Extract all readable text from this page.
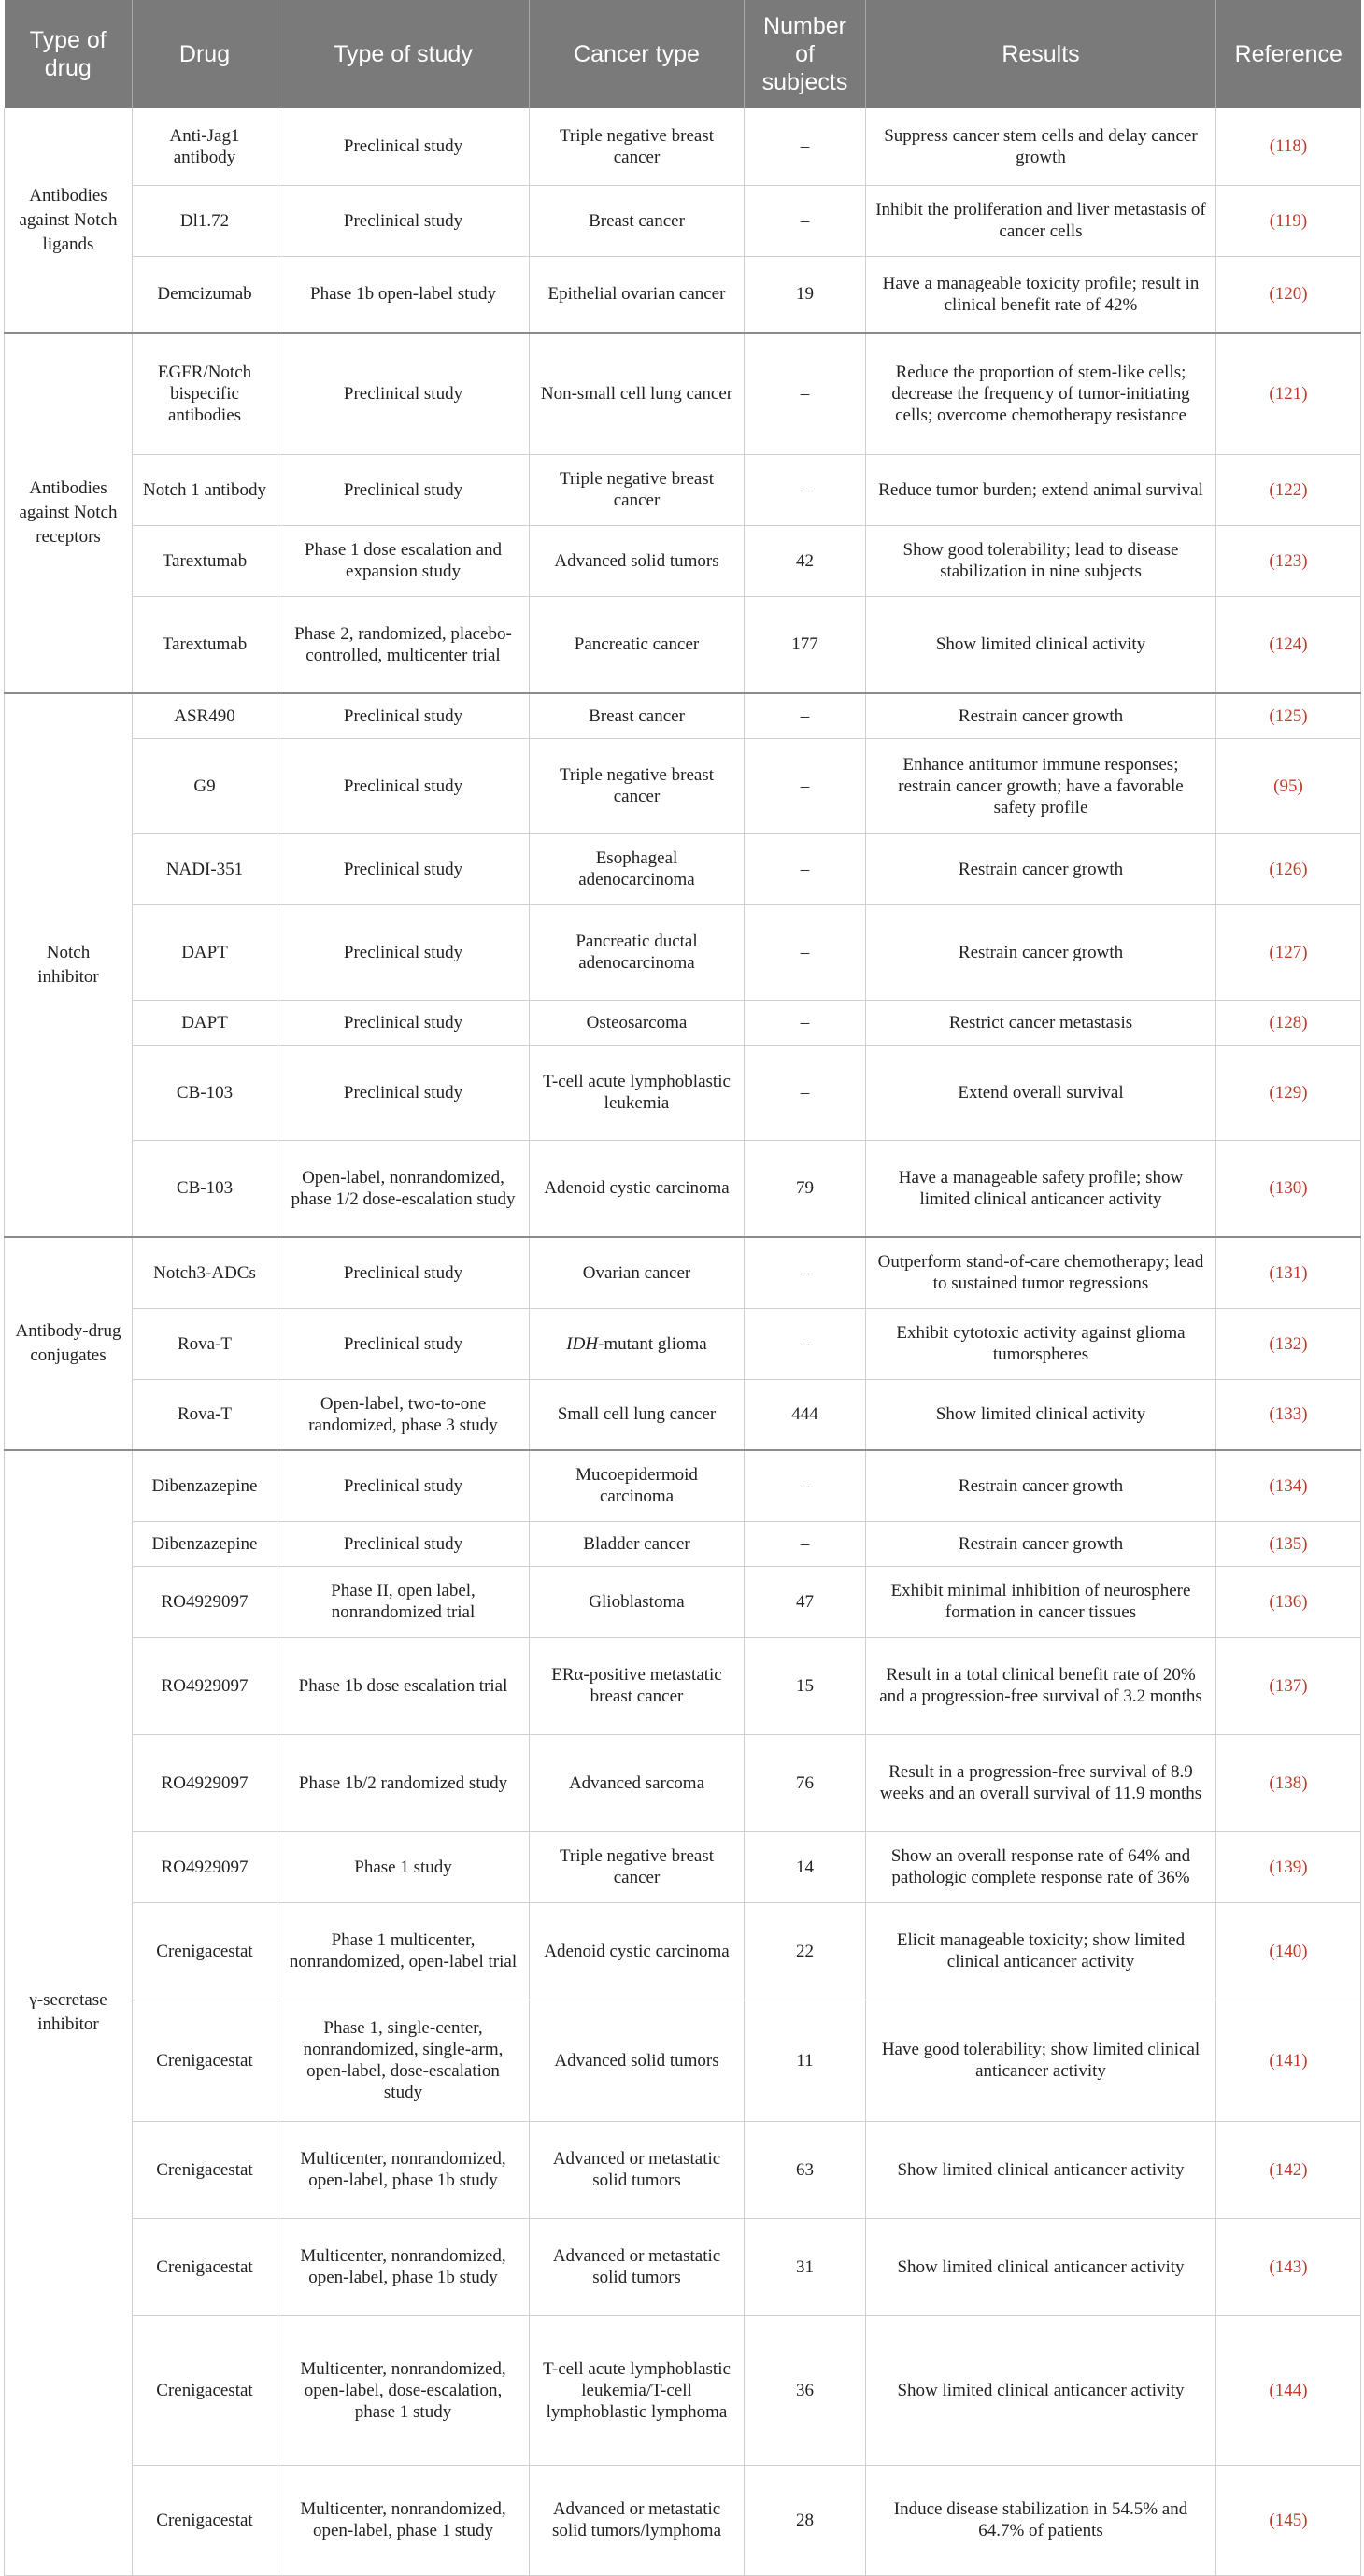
Type of drug	Drug	Type of study	Cancer type	Number of subjects	Results	Reference
Antibodies against Notch ligands	Anti-Jag1 antibody	Preclinical study	Triple negative breast cancer	–	Suppress cancer stem cells and delay cancer growth	(118)
	Dl1.72	Preclinical study	Breast cancer	–	Inhibit the proliferation and liver metastasis of cancer cells	(119)
	Demcizumab	Phase 1b open-label study	Epithelial ovarian cancer	19	Have a manageable toxicity profile; result in clinical benefit rate of 42%	(120)
Antibodies against Notch receptors	EGFR/Notch bispecific antibodies	Preclinical study	Non-small cell lung cancer	–	Reduce the proportion of stem-like cells; decrease the frequency of tumor-initiating cells; overcome chemotherapy resistance	(121)
	Notch 1 antibody	Preclinical study	Triple negative breast cancer	–	Reduce tumor burden; extend animal survival	(122)
	Tarextumab	Phase 1 dose escalation and expansion study	Advanced solid tumors	42	Show good tolerability; lead to disease stabilization in nine subjects	(123)
	Tarextumab	Phase 2, randomized, placebo-controlled, multicenter trial	Pancreatic cancer	177	Show limited clinical activity	(124)
Notch inhibitor	ASR490	Preclinical study	Breast cancer	–	Restrain cancer growth	(125)
	G9	Preclinical study	Triple negative breast cancer	–	Enhance antitumor immune responses; restrain cancer growth; have a favorable safety profile	(95)
	NADI-351	Preclinical study	Esophageal adenocarcinoma	–	Restrain cancer growth	(126)
	DAPT	Preclinical study	Pancreatic ductal adenocarcinoma	–	Restrain cancer growth	(127)
	DAPT	Preclinical study	Osteosarcoma	–	Restrict cancer metastasis	(128)
	CB-103	Preclinical study	T-cell acute lymphoblastic leukemia	–	Extend overall survival	(129)
	CB-103	Open-label, nonrandomized, phase 1/2 dose-escalation study	Adenoid cystic carcinoma	79	Have a manageable safety profile; show limited clinical anticancer activity	(130)
Antibody-drug conjugates	Notch3-ADCs	Preclinical study	Ovarian cancer	–	Outperform stand-of-care chemotherapy; lead to sustained tumor regressions	(131)
	Rova-T	Preclinical study	IDH-mutant glioma	–	Exhibit cytotoxic activity against glioma tumorspheres	(132)
	Rova-T	Open-label, two-to-one randomized, phase 3 study	Small cell lung cancer	444	Show limited clinical activity	(133)
γ-secretase inhibitor	Dibenzazepine	Preclinical study	Mucoepidermoid carcinoma	–	Restrain cancer growth	(134)
	Dibenzazepine	Preclinical study	Bladder cancer	–	Restrain cancer growth	(135)
	RO4929097	Phase II, open label, nonrandomized trial	Glioblastoma	47	Exhibit minimal inhibition of neurosphere formation in cancer tissues	(136)
	RO4929097	Phase 1b dose escalation trial	ERα-positive metastatic breast cancer	15	Result in a total clinical benefit rate of 20% and a progression-free survival of 3.2 months	(137)
	RO4929097	Phase 1b/2 randomized study	Advanced sarcoma	76	Result in a progression-free survival of 8.9 weeks and an overall survival of 11.9 months	(138)
	RO4929097	Phase 1 study	Triple negative breast cancer	14	Show an overall response rate of 64% and pathologic complete response rate of 36%	(139)
	Crenigacestat	Phase 1 multicenter, nonrandomized, open-label trial	Adenoid cystic carcinoma	22	Elicit manageable toxicity; show limited clinical anticancer activity	(140)
	Crenigacestat	Phase 1, single-center, nonrandomized, single-arm, open-label, dose-escalation study	Advanced solid tumors	11	Have good tolerability; show limited clinical anticancer activity	(141)
	Crenigacestat	Multicenter, nonrandomized, open-label, phase 1b study	Advanced or metastatic solid tumors	63	Show limited clinical anticancer activity	(142)
	Crenigacestat	Multicenter, nonrandomized, open-label, phase 1b study	Advanced or metastatic solid tumors	31	Show limited clinical anticancer activity	(143)
	Crenigacestat	Multicenter, nonrandomized, open-label, dose-escalation, phase 1 study	T-cell acute lymphoblastic leukemia/T-cell lymphoblastic lymphoma	36	Show limited clinical anticancer activity	(144)
	Crenigacestat	Multicenter, nonrandomized, open-label, phase 1 study	Advanced or metastatic solid tumors/lymphoma	28	Induce disease stabilization in 54.5% and 64.7% of patients	(145)
